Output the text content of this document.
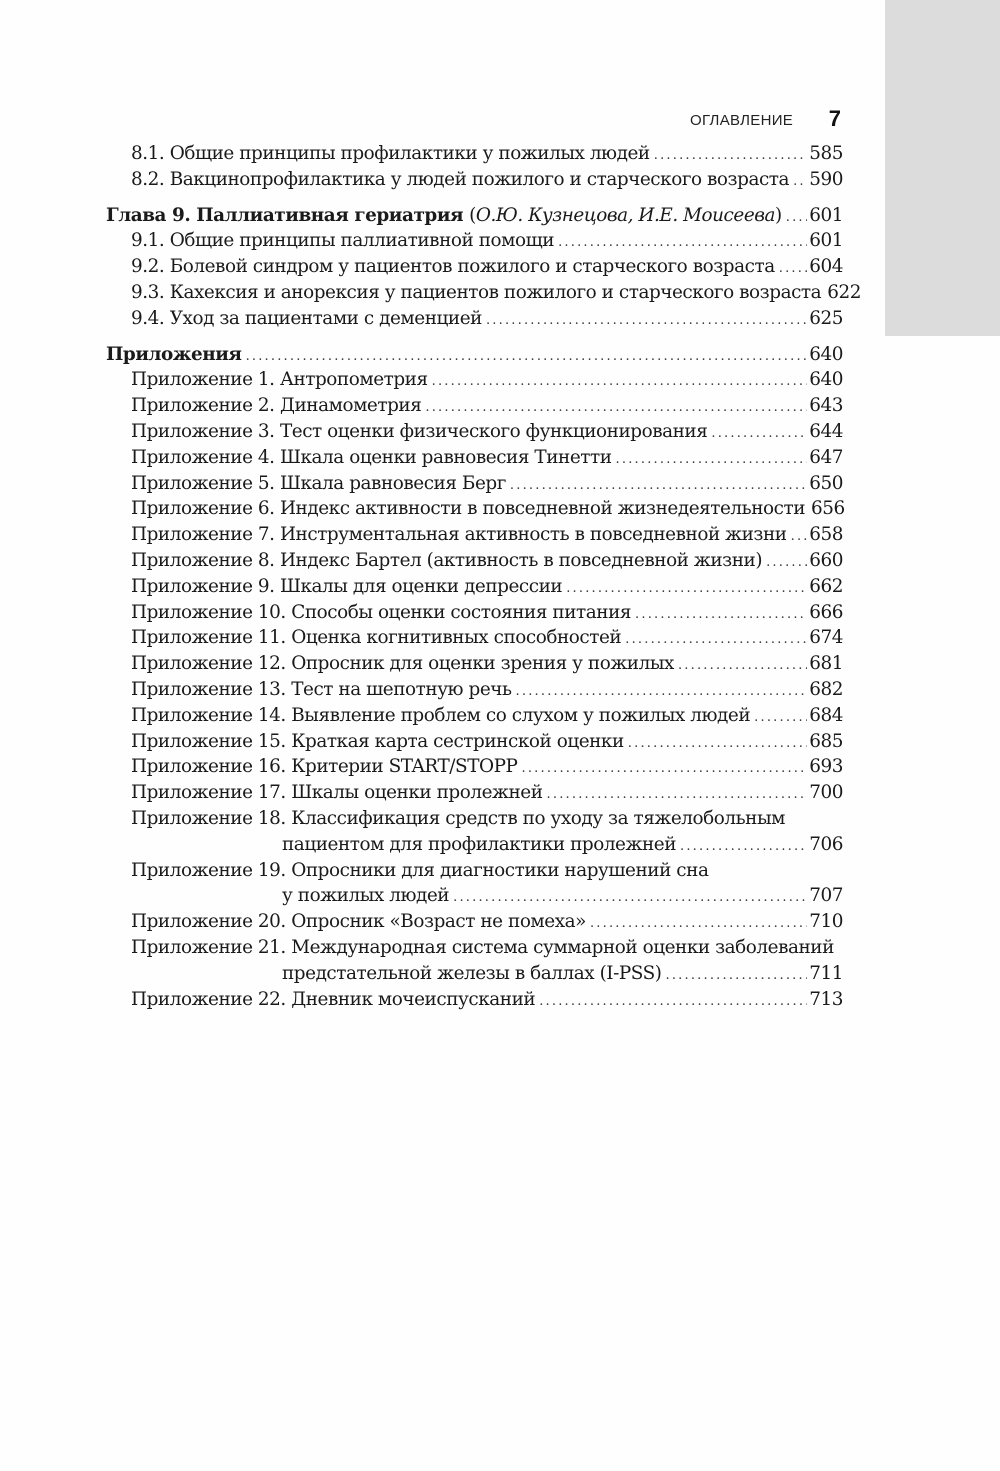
ОГЛАВЛЕНИЕ 7
8.1. Общие принципы профилактики у пожилых людей .....	585
8.2. Вакцинопрофилактика у людей пожилого и старческого возраста ..... 590
Глава 9. Паллиативная гериатрия (О.Ю. Кузнецова, И.Е. Моисеева) ..... 601
9.1. Общие принципы паллиативной помощи .....	601
9.2. Болевой синдром у пациентов пожилого и старческого возраста ..... 604
9.3. Кахексия и анорексия у пациентов пожилого и старческого возраста 622
9.4. Уход за пациентами с деменцией .....	625
Приложения .....	640
Приложение 1. Антропометрия .....	640
Приложение 2. Динамометрия .....	643
Приложение 3. Тест оценки физического функционирования .....	644
Приложение 4. Шкала оценки равновесия Тинетти .....	647
Приложение 5. Шкала равновесия Берг .....	650
Приложение 6. Индекс активности в повседневной жизнедеятельности 656
Приложение 7. Инструментальная активность в повседневной жизни ..... 658
Приложение 8. Индекс Бартел (активность в повседневной жизни) .....	660
Приложение 9. Шкалы для оценки депрессии .....	662
Приложение 10. Способы оценки состояния питания .....	666
Приложение 11. Оценка когнитивных способностей .....	674
Приложение 12. Опросник для оценки зрения у пожилых .....	681
Приложение 13. Тест на шепотную речь .....	682
Приложение 14. Выявление проблем со слухом у пожилых людей .....	684
Приложение 15. Краткая карта сестринской оценки .....	685
Приложение 16. Критерии START/STOPP .....	693
Приложение 17. Шкалы оценки пролежней .....	700
Приложение 18. Классификация средств по уходу за тяжелобольным
пациентом для профилактики пролежней .....	706
Приложение 19. Опросники для диагностики нарушений сна
у пожилых людей .....	707
Приложение 20. Опросник «Возраст не помеха» .....	710
Приложение 21. Международная система суммарной оценки заболеваний
предстательной железы в баллах (I-PSS) .....	711
Приложение 22. Дневник мочеиспусканий .....	713
